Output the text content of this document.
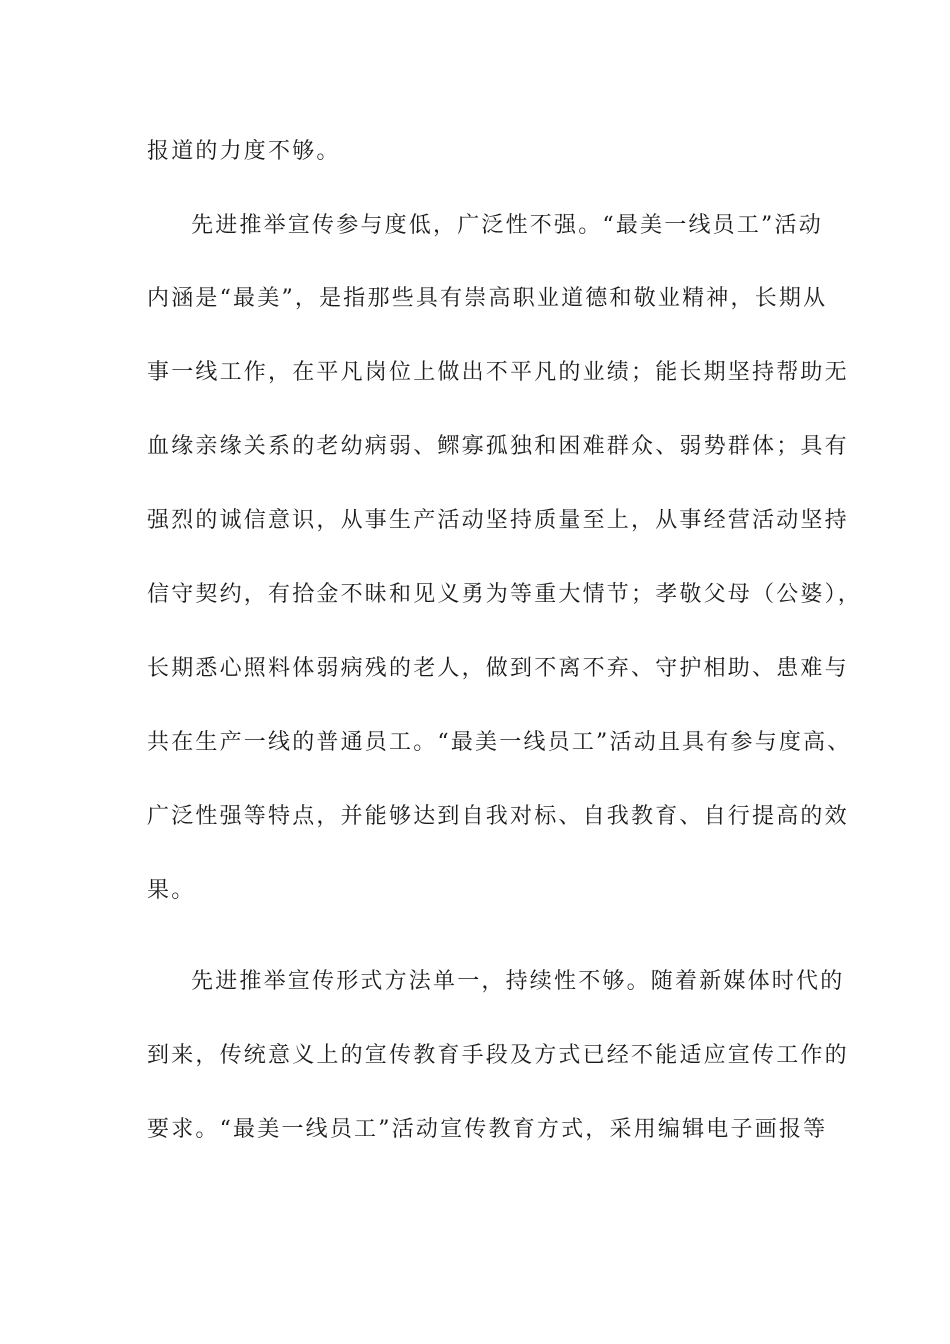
报道的力度不够。
先进推举宣传参与度低，广泛性不强。“最美一线员工”活动
内涵是“最美”，是指那些具有崇高职业道德和敬业精神，长期从
事一线工作，在平凡岗位上做出不平凡的业绩；能长期坚持帮助无
血缘亲缘关系的老幼病弱、鳏寡孤独和困难群众、弱势群体；具有
强烈的诚信意识，从事生产活动坚持质量至上，从事经营活动坚持
信守契约，有拾金不昧和见义勇为等重大情节；孝敬父母（公婆），
长期悉心照料体弱病残的老人，做到不离不弃、守护相助、患难与
共在生产一线的普通员工。“最美一线员工”活动且具有参与度高、
广泛性强等特点，并能够达到自我对标、自我教育、自行提高的效
果。
先进推举宣传形式方法单一，持续性不够。随着新媒体时代的
到来，传统意义上的宣传教育手段及方式已经不能适应宣传工作的
要求。“最美一线员工”活动宣传教育方式，采用编辑电子画报等
